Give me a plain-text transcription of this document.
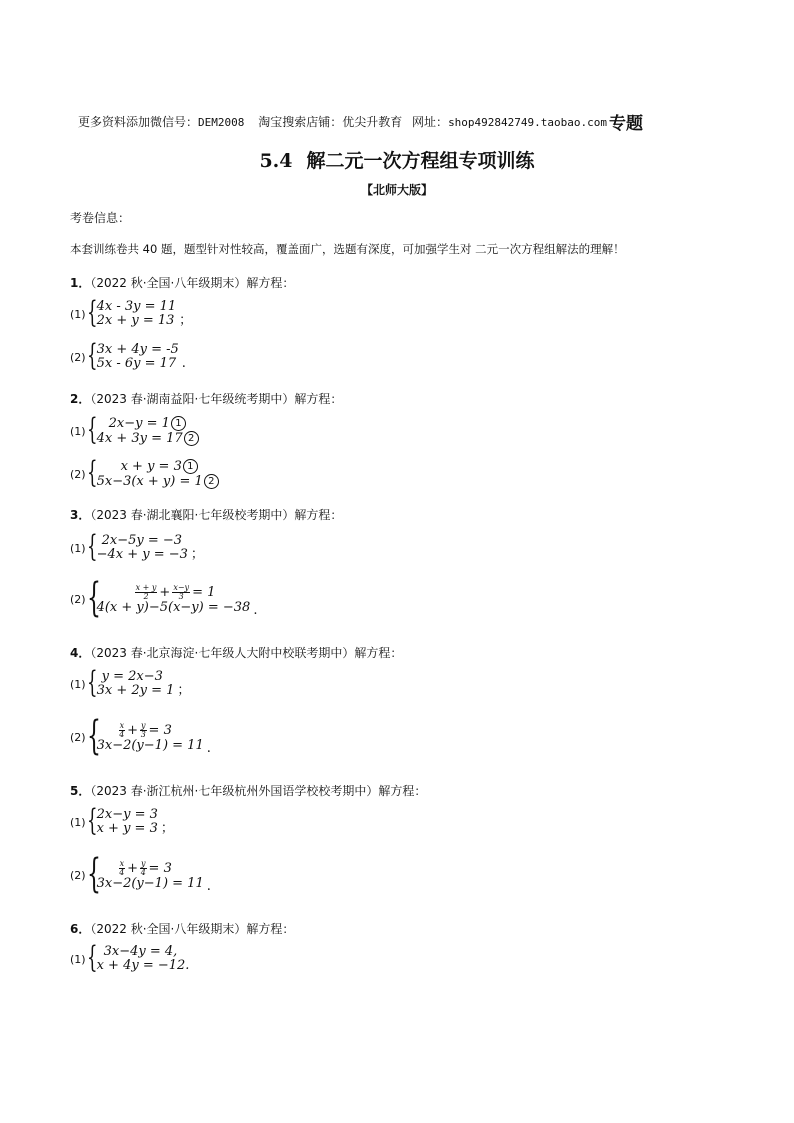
更多资料添加微信号：DEM2008 淘宝搜索店铺：优尖升教育 网址：shop492842749.taobao.com 专题
5.4 解二元一次方程组专项训练
【北师大版】
考卷信息：
本套训练卷共 40 题，题型针对性较高，覆盖面广，选题有深度，可加强学生对 二元一次方程组解法的理解！
1．（2022 秋·全国·八年级期末）解方程：
(1) { 4x - 3y = 11
2x + y = 13 ；
(2) { 3x + 4y = -5
5x - 6y = 17 .
2．（2023 春·湖南益阳·七年级统考期中）解方程：
(1) { 2x−y = 1 1
4x + 3y = 17 2
(2) {	x + y = 3 1
5x−3(x + y) = 1 2
3．（2023 春·湖北襄阳·七年级校考期中）解方程：
(1) { 2x−5y = −3
−4x + y = −3 ；
(2) {	$\frac{x + y}{2} + \frac{x-y}{3} = 1$
4(x + y)−5(x−y) = −38 .
4．（2023 春·北京海淀·七年级人大附中校联考期中）解方程：
(1) { y = 2x−3
3x + 2y = 1 ；
(2) { $\frac{x}{4} + \frac{y}{3} = 3$
3x−2(y−1) = 11 .
5．（2023 春·浙江杭州·七年级杭州外国语学校校考期中）解方程：
(1) { 2x−y = 3
x + y = 3 ；
(2) { $\frac{x}{4} + \frac{y}{4} = 3$
3x−2(y−1) = 11 .
6．（2022 秋·全国·八年级期末）解方程：
(1) { 3x−4y = 4,
x + 4y = −12.
